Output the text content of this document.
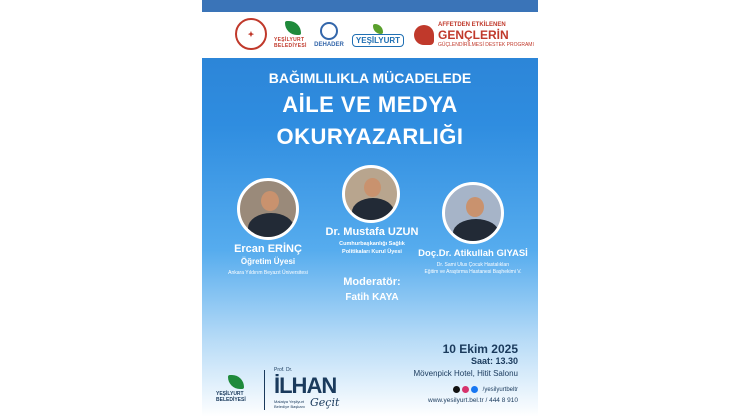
✦
YEŞİLYURT BELEDİYESİ	DEHADER
YEŞİLYURT
AFFETDEN ETKİLENEN
GENÇLERİN
GÜÇLENDİRİLMESİ DESTEK PROGRAMI
BAĞIMLILIKLA MÜCADELEDE
AİLE VE MEDYA
OKURYAZARLIĞI
Ercan ERİNÇ
Öğretim Üyesi
Ankara Yıldırım Beyazıt Üniversitesi
Dr. Mustafa UZUN
Cumhurbaşkanlığı Sağlık
Politikaları Kurul Üyesi	Doç.Dr. Atikullah GIYASİ
Dr. Sami Ulus Çocuk Hastalıkları
Eğitim ve Araştırma Hastanesi Başhekimi V.
Moderatör:
Fatih KAYA
10 Ekim 2025
Saat: 13.30
Mövenpick Hotel, Hitit Salonu
/yesilyurtbeltr
www.yesilyurt.bel.tr / 444 8 910
YEŞİLYURT BELEDİYESİ
Prof. Dr.
İLHAN
Geçit
Malatya Yeşilyurt
Belediye Başkanı
